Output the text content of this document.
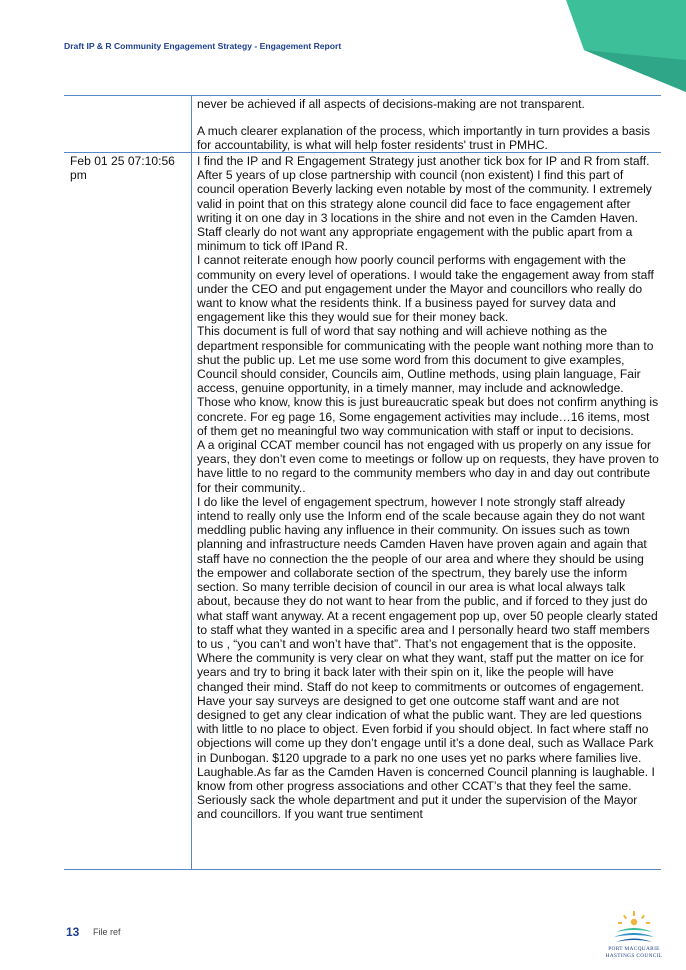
Draft IP & R Community Engagement Strategy - Engagement Report

never be achieved if all aspects of decisions-making are not transparent.

A much clearer explanation of the process, which importantly in turn provides a basis for accountability, is what will help foster residents' trust in PMHC.

Feb 01 25 07:10:56 pm

I find the IP and R Engagement Strategy just another tick box for IP and R from staff. After 5 years of up close partnership with council (non existent) I find this part of council operation Beverly lacking even notable by most of the community. I extremely valid in point that on this strategy alone council did face to face engagement after writing it on one day in 3 locations in the shire and not even in the Camden Haven. Staff clearly do not want any appropriate engagement with the public apart from a minimum to tick off IPand R.

I cannot reiterate enough how poorly council performs with engagement with the community on every level of operations. I would take the engagement away from staff under the CEO and put engagement under the Mayor and councillors who really do want to know what the residents think. If a business payed for survey data and engagement like this they would sue for their money back.

This document is full of word that say nothing and will achieve nothing as the department responsible for communicating with the people want nothing more than to shut the public up. Let me use some word from this document to give examples, Council should consider, Councils aim, Outline methods, using plain language, Fair access, genuine opportunity, in a timely manner, may include and acknowledge. Those who know, know this is just bureaucratic speak but does not confirm anything is concrete. For eg page 16, Some engagement activities may include…16 items, most of them get no meaningful two way communication with staff or input to decisions.

A a original CCAT member council has not engaged with us properly on any issue for years, they don’t even come to meetings or follow up on requests, they have proven to have little to no regard to the community members who day in and day out contribute for their community..

I do like the level of engagement spectrum, however I note strongly staff already intend to really only use the Inform end of the scale because again they do not want meddling public having any influence in their community. On issues such as town planning and infrastructure needs Camden Haven have proven again and again that staff have no connection the the people of our area and where they should be using the empower and collaborate section of the spectrum, they barely use the inform section. So many terrible decision of council in our area is what local always talk about, because they do not want to hear from the public, and if forced to they just do what staff want anyway. At a recent engagement pop up, over 50 people clearly stated to staff what they wanted in a specific area and I personally heard two staff members to us , “you can’t and won’t have that”. That’s not engagement that is the opposite. Where the community is very clear on what they want, staff put the matter on ice for years and try to bring it back later with their spin on it, like the people will have changed their mind. Staff do not keep to commitments or outcomes of engagement.

Have your say surveys are designed to get one outcome staff want and are not designed to get any clear indication of what the public want. They are led questions with little to no place to object. Even forbid if you should object. In fact where staff no objections will come up they don’t engage until it’s a done deal, such as Wallace Park in Dunbogan. $120 upgrade to a park no one uses yet no parks where families live. Laughable.As far as the Camden Haven is concerned Council planning is laughable. I know from other progress associations and other CCAT’s that they feel the same. Seriously sack the whole department and put it under the supervision of the Mayor and councillors. If you want true sentiment

13 File ref
PORT MACQUARIE
HASTINGS COUNCIL
